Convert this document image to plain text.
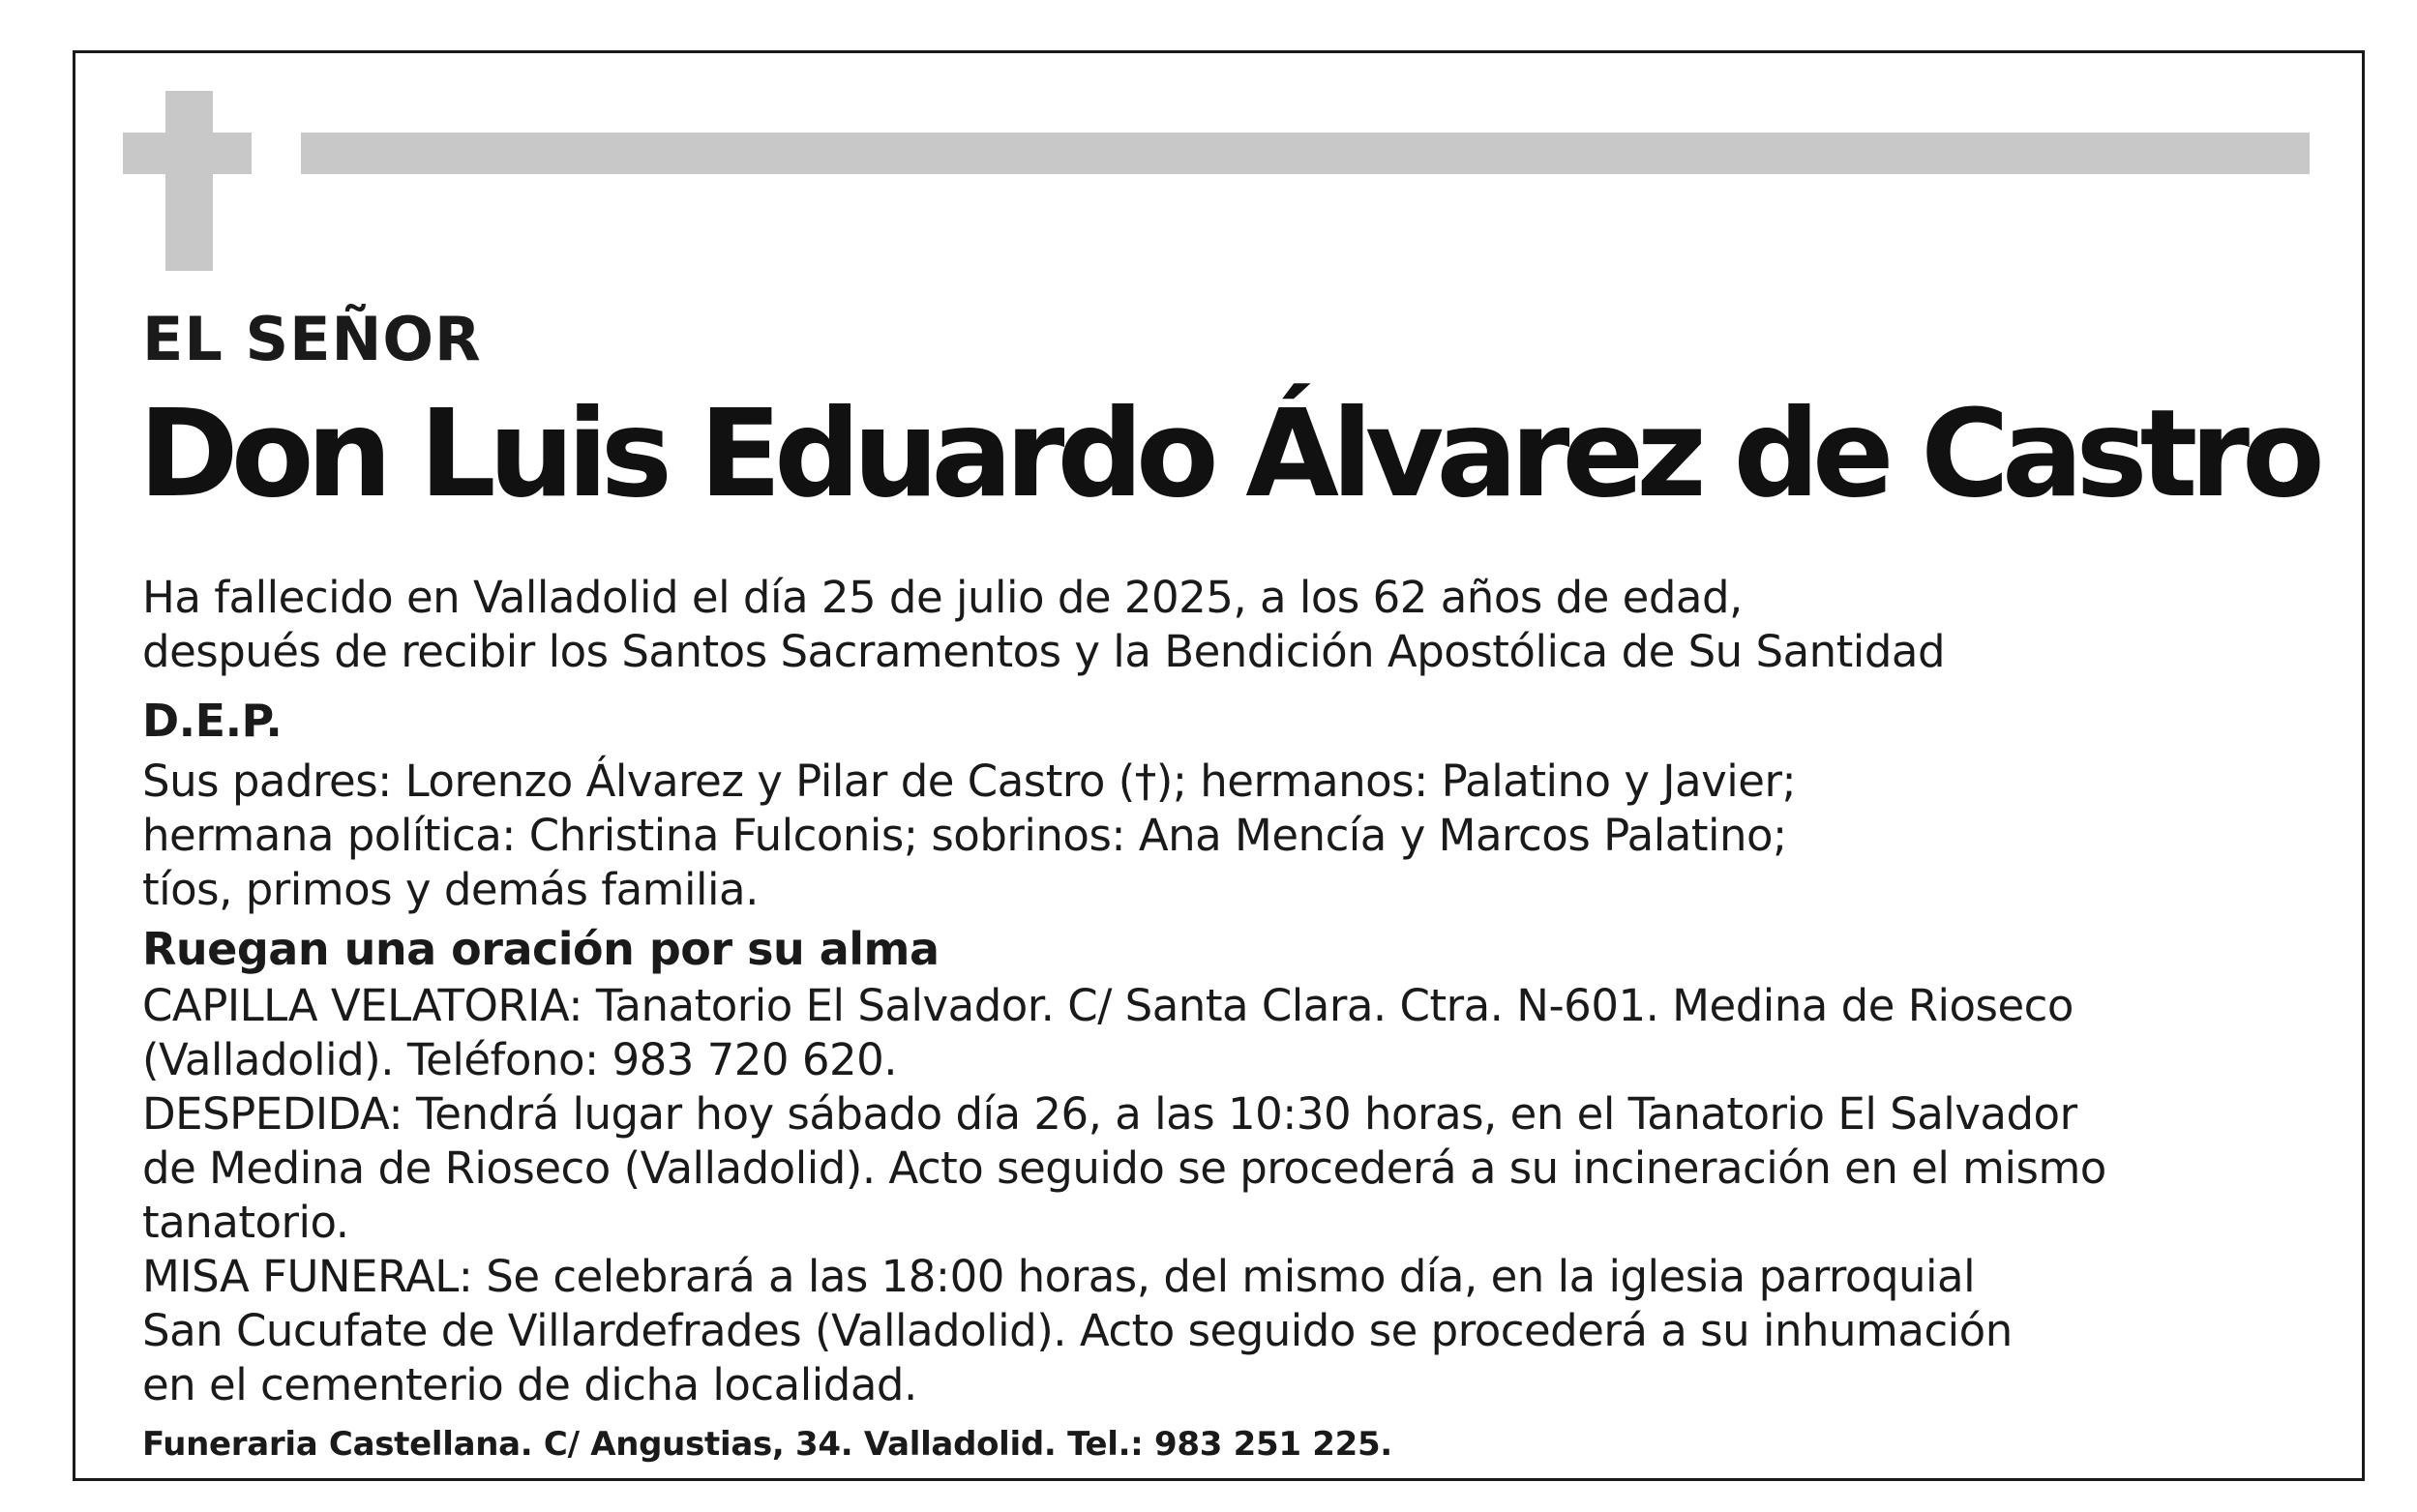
EL SEÑOR
Don Luis Eduardo Álvarez de Castro
Ha fallecido en Valladolid el día 25 de julio de 2025, a los 62 años de edad,
después de recibir los Santos Sacramentos y la Bendición Apostólica de Su Santidad
D.E.P.
Sus padres: Lorenzo Álvarez y Pilar de Castro (†); hermanos: Palatino y Javier;
hermana política: Christina Fulconis; sobrinos: Ana Mencía y Marcos Palatino;
tíos, primos y demás familia.
Ruegan una oración por su alma
CAPILLA VELATORIA: Tanatorio El Salvador. C/ Santa Clara. Ctra. N-601. Medina de Rioseco
(Valladolid). Teléfono: 983 720 620.
DESPEDIDA: Tendrá lugar hoy sábado día 26, a las 10:30 horas, en el Tanatorio El Salvador
de Medina de Rioseco (Valladolid). Acto seguido se procederá a su incineración en el mismo
tanatorio.
MISA FUNERAL: Se celebrará a las 18:00 horas, del mismo día, en la iglesia parroquial
San Cucufate de Villardefrades (Valladolid). Acto seguido se procederá a su inhumación
en el cementerio de dicha localidad.
Funeraria Castellana. C/ Angustias, 34. Valladolid. Tel.: 983 251 225.
